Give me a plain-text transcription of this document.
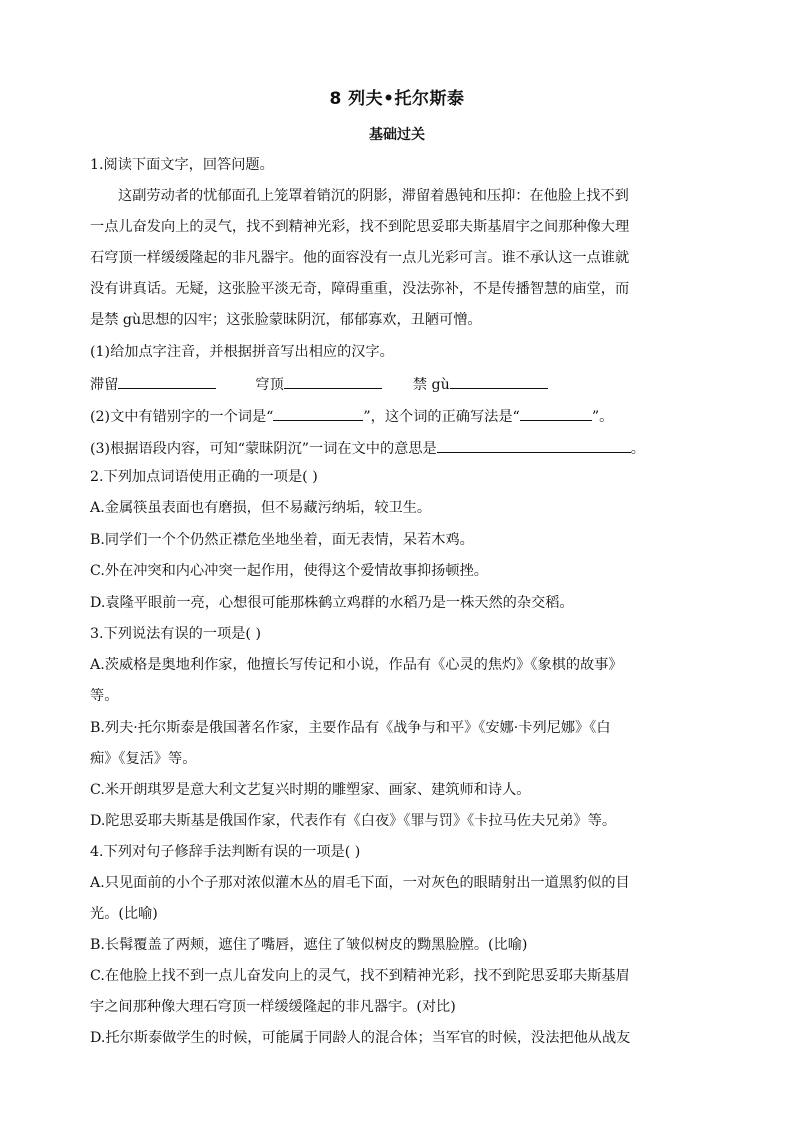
8 列夫•托尔斯泰
基础过关
1.阅读下面文字，回答问题。
这副劳动者的忧郁面孔上笼罩着销沉的阴影，滞留着愚钝和压抑：在他脸上找不到
一点儿奋发向上的灵气，找不到精神光彩，找不到陀思妥耶夫斯基眉宇之间那种像大理
石穹顶一样缓缓隆起的非凡器宇。他的面容没有一点儿光彩可言。谁不承认这一点谁就
没有讲真话。无疑，这张脸平淡无奇，障碍重重，没法弥补，不是传播智慧的庙堂，而
是禁 gù思想的囚牢；这张脸蒙昧阴沉，郁郁寡欢，丑陋可憎。
(1)给加点字注音，并根据拼音写出相应的汉字。
滞留	穹顶	禁 gù
(2)文中有错别字的一个词是“	”，这个词的正确写法是“	”。
(3)根据语段内容，可知“蒙昧阴沉”一词在文中的意思是	。
2.下列加点词语使用正确的一项是( )
A.金属筷虽表面也有磨损，但不易藏污纳垢，较卫生。
B.同学们一个个仍然正襟危坐地坐着，面无表情，呆若木鸡。
C.外在冲突和内心冲突一起作用，使得这个爱情故事抑扬顿挫。
D.袁隆平眼前一亮，心想很可能那株鹤立鸡群的水稻乃是一株天然的杂交稻。
3.下列说法有误的一项是( )
A.茨威格是奥地利作家，他擅长写传记和小说，作品有《心灵的焦灼》《象棋的故事》
等。
B.列夫·托尔斯泰是俄国著名作家，主要作品有《战争与和平》《安娜·卡列尼娜》《白
痴》《复活》等。
C.米开朗琪罗是意大利文艺复兴时期的雕塑家、画家、建筑师和诗人。
D.陀思妥耶夫斯基是俄国作家，代表作有《白夜》《罪与罚》《卡拉马佐夫兄弟》等。
4.下列对句子修辞手法判断有误的一项是( )
A.只见面前的小个子那对浓似灌木丛的眉毛下面，一对灰色的眼睛射出一道黑豹似的目
光。(比喻)
B.长髯覆盖了两颊，遮住了嘴唇，遮住了皱似树皮的黝黑脸膛。(比喻)
C.在他脸上找不到一点儿奋发向上的灵气，找不到精神光彩，找不到陀思妥耶夫斯基眉
宇之间那种像大理石穹顶一样缓缓隆起的非凡器宇。(对比)
D.托尔斯泰做学生的时候，可能属于同龄人的混合体；当军官的时候，没法把他从战友
